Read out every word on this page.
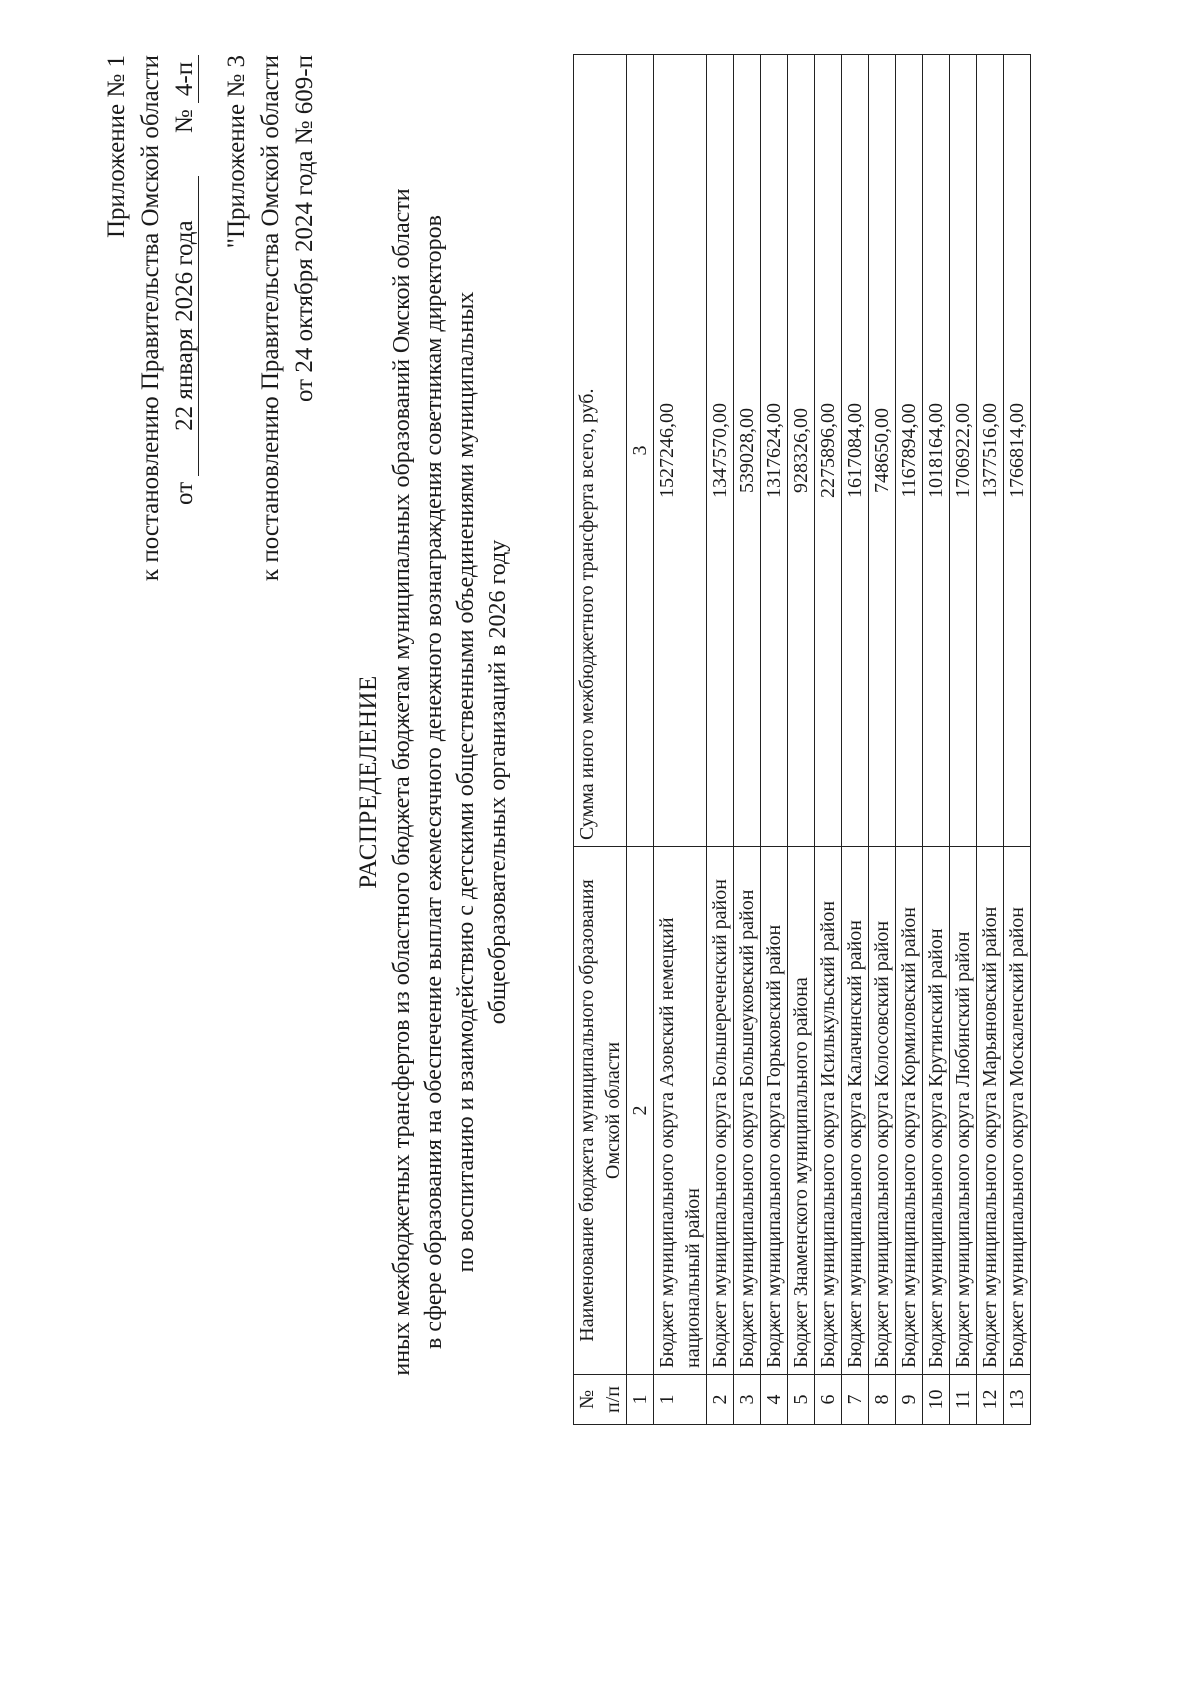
Приложение № 1 к постановлению Правительства Омской области от 22 января 2026 года  № 4-п "Приложение № 3 к постановлению Правительства Омской области от 24 октября 2024 года № 609-п
РАСПРЕДЕЛЕНИЕ иных межбюджетных трансфертов из областного бюджета бюджетам муниципальных образований Омской области в сфере образования на обеспечение выплат ежемесячного денежного вознаграждения советникам директоров по воспитанию и взаимодействию с детскими общественными объединениями муниципальных общеобразовательных организаций в 2026 году
№ п/п	Наименование бюджета муниципального образования Омской области	Сумма иного межбюджетного трансферта всего, руб.
1	2	3
1	Бюджет муниципального округа Азовский немецкий национальный район	1527246,00

2	Бюджет муниципального округа Большереченский район	1347570,00

3	Бюджет муниципального округа Большеуковский район	539028,00

4	Бюджет муниципального округа Горьковский район	1317624,00

5	Бюджет Знаменского муниципального района	928326,00

6	Бюджет муниципального округа Исилькульский район	2275896,00

7	Бюджет муниципального округа Калачинский район	1617084,00

8	Бюджет муниципального округа Колосовский район	748650,00

9	Бюджет муниципального округа Кормиловский район	1167894,00

10	Бюджет муниципального округа Крутинский район	1018164,00

11	Бюджет муниципального округа Любинский район	1706922,00

12	Бюджет муниципального округа Марьяновский район	1377516,00

13	Бюджет муниципального округа Москаленский район	1766814,00
